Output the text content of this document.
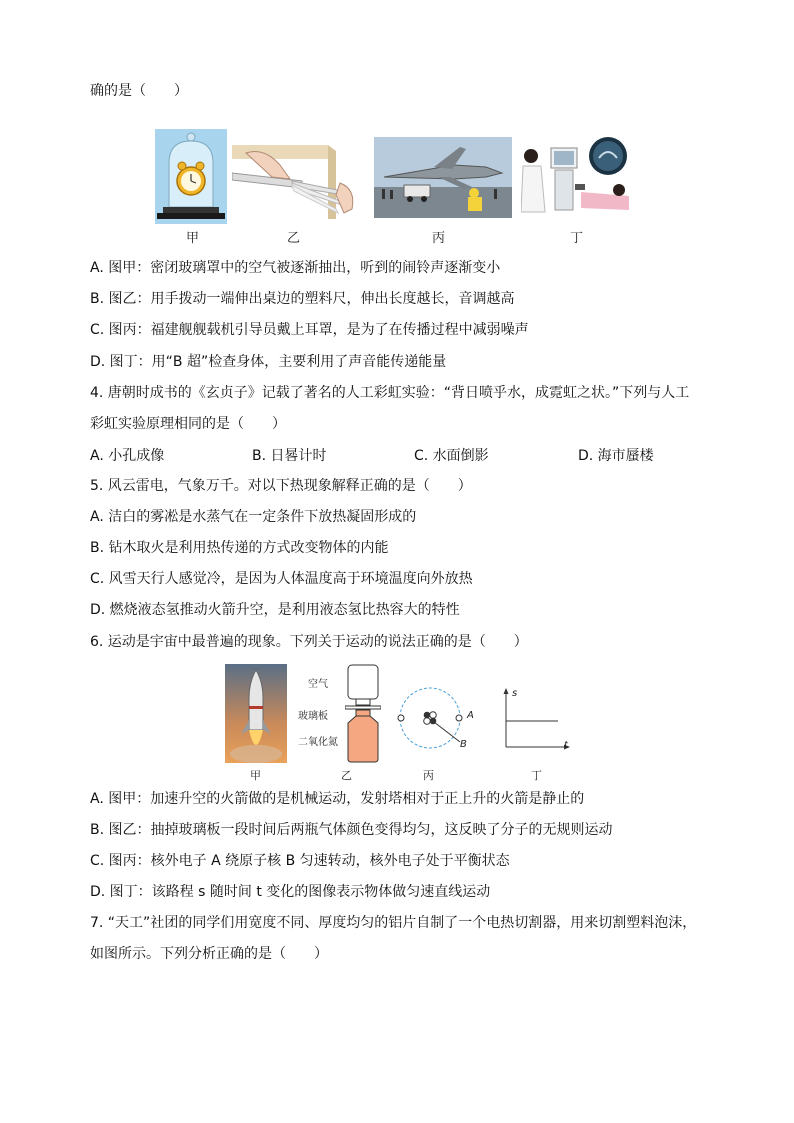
确的是（　　）
甲	乙	丙	丁
A. 图甲：密闭玻璃罩中的空气被逐渐抽出，听到的闹铃声逐渐变小
B. 图乙：用手拨动一端伸出桌边的塑料尺，伸出长度越长，音调越高
C. 图丙：福建舰舰载机引导员戴上耳罩，是为了在传播过程中减弱噪声
D. 图丁：用“B 超”检查身体，主要利用了声音能传递能量
4. 唐朝时成书的《玄贞子》记载了著名的人工彩虹实验：“背日喷乎水，成霓虹之状。”下列与人工
彩虹实验原理相同的是（　　）
A. 小孔成像	B. 日晷计时	C. 水面倒影	D. 海市蜃楼
5. 风云雷电，气象万千。对以下热现象解释正确的是（　　）
A. 洁白的雾凇是水蒸气在一定条件下放热凝固形成的
B. 钻木取火是利用热传递的方式改变物体的内能
C. 风雪天行人感觉冷，是因为人体温度高于环境温度向外放热
D. 燃烧液态氢推动火箭升空，是利用液态氢比热容大的特性
6. 运动是宇宙中最普遍的现象。下列关于运动的说法正确的是（　　）
空气
玻璃板
二氧化氮
A
B
s
t
甲	乙	丙	丁
A. 图甲：加速升空的火箭做的是机械运动，发射塔相对于正上升的火箭是静止的
B. 图乙：抽掉玻璃板一段时间后两瓶气体颜色变得均匀，这反映了分子的无规则运动
C. 图丙：核外电子 A 绕原子核 B 匀速转动，核外电子处于平衡状态
D. 图丁：该路程 s 随时间 t 变化的图像表示物体做匀速直线运动
7. “天工”社团的同学们用宽度不同、厚度均匀的铝片自制了一个电热切割器，用来切割塑料泡沫，
如图所示。下列分析正确的是（　　）
